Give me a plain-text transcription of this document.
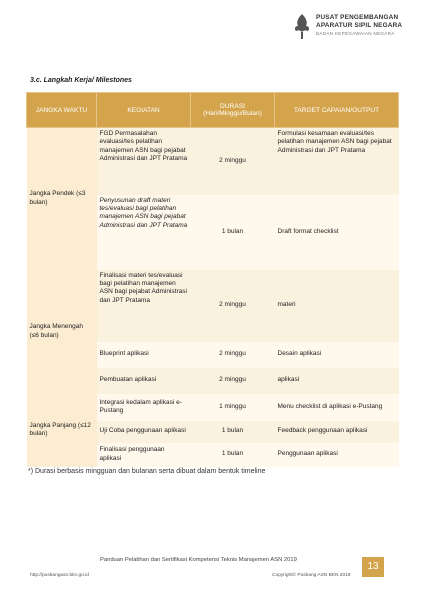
PUSAT PENGEMBANGAN
APARATUR SIPIL NEGARA
BADAN KEPEGAWAIAN NEGARA
3.c. Langkah Kerja/ Milestones
JANGKA WAKTU	KEGIATAN	DURASI (Hari/Minggu/Bulan)	TARGET CAPAIAN/OUTPUT
Jangka Pendek (≤3 bulan)	FGD Permasalahan evaluasi/tes pelatihan manajemen ASN bagi pejabat Administrasi dan JPT Pratama	2 minggu	Formulasi kesamaan evaluasi/tes pelatihan manajemen ASN bagi pejabat Administrasi dan JPT Pratama
	Penyusunan draft materi tes/evaluasi bagi pelatihan manajemen ASN bagi pejabat Administrasi dan JPT Pratama	1 bulan	Draft format checklist
Jangka Menengah (≤6 bulan)	Finalisasi materi tes/evaluasi bagi pelatihan manajemen ASN bagi pejabat Administrasi dan JPT Pratama	2 minggu	materi
	Blueprint aplikasi	2 minggu	Desain aplikasi
	Pembuatan aplikasi	2 minggu	aplikasi
Jangka Panjang (≤12 bulan)	Integrasi kedalam aplikasi e-Pustang	1 minggu	Menu checklist di aplikasi e-Pustang
	Uji Coba penggunaan aplikasi	1 bulan	Feedback penggunaan aplikasi
	Finalisasi penggunaan aplikasi	1 bulan	Penggunaan aplikasi
*) Durasi berbasis mingguan dan bulanan serta dibuat dalam bentuk timeline
Panduan Pelatihan dan Sertifikasi Kompetensi Teknis Manajemen ASN 2019
http://pusbangasn.bkn.go.id	Copyright© Pusbang ASN BKN 2019
13
